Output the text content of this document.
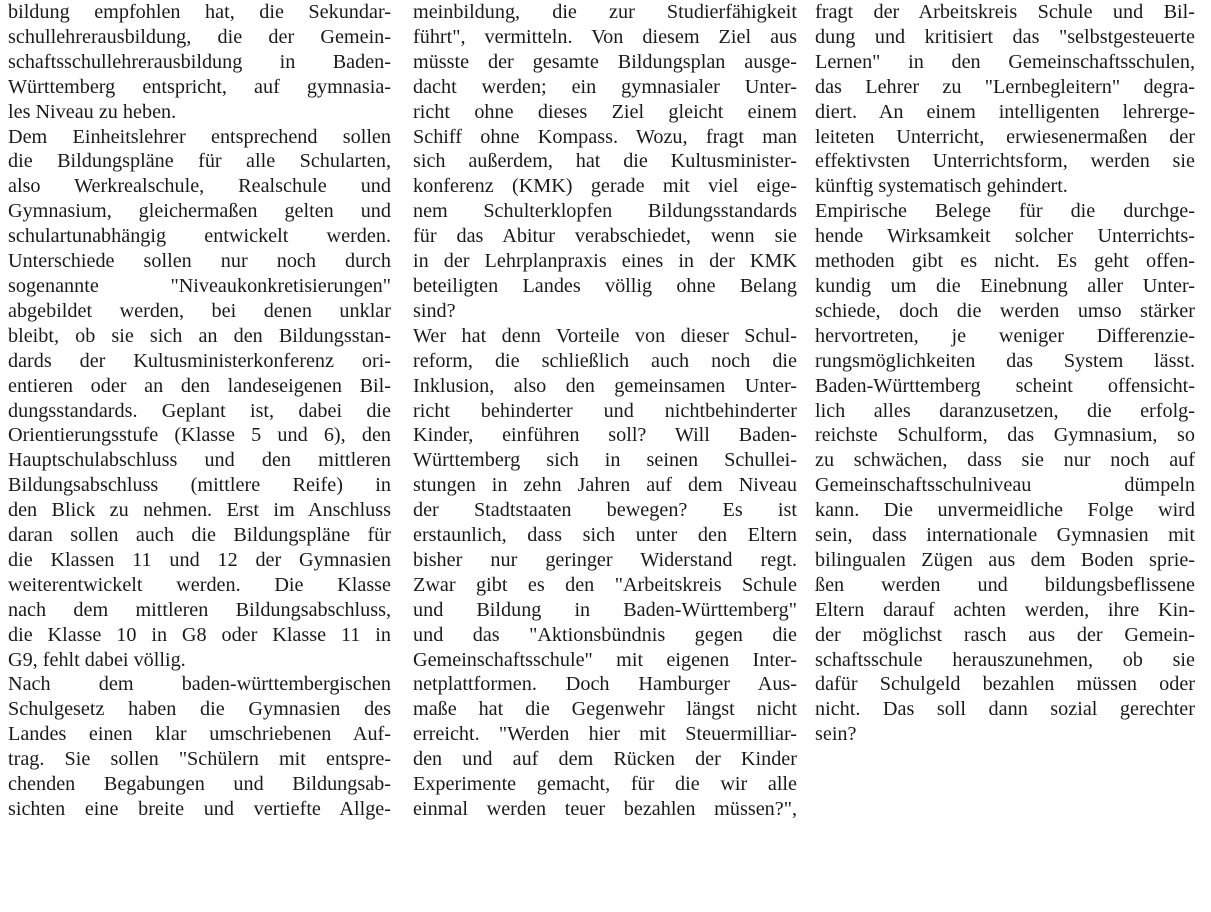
bildung empfohlen hat, die Sekundar-
schullehrerausbildung, die der Gemein-
schaftsschullehrerausbildung in Baden-
Württemberg entspricht, auf gymnasia-
les Niveau zu heben.

Dem Einheitslehrer entsprechend sollen
die Bildungspläne für alle Schularten,
also Werkrealschule, Realschule und
Gymnasium, gleichermaßen gelten und
schulartunabhängig entwickelt werden.
Unterschiede sollen nur noch durch
sogenannte "Niveaukonkretisierungen"
abgebildet werden, bei denen unklar
bleibt, ob sie sich an den Bildungsstan-
dards der Kultusministerkonferenz ori-
entieren oder an den landeseigenen Bil-
dungsstandards. Geplant ist, dabei die
Orientierungsstufe (Klasse 5 und 6), den
Hauptschulabschluss und den mittleren
Bildungsabschluss (mittlere Reife) in
den Blick zu nehmen. Erst im Anschluss
daran sollen auch die Bildungspläne für
die Klassen 11 und 12 der Gymnasien
weiterentwickelt werden. Die Klasse
nach dem mittleren Bildungsabschluss,
die Klasse 10 in G8 oder Klasse 11 in
G9, fehlt dabei völlig.

Nach dem baden-württembergischen
Schulgesetz haben die Gymnasien des
Landes einen klar umschriebenen Auf-
trag. Sie sollen "Schülern mit entspre-
chenden Begabungen und Bildungsab-
sichten eine breite und vertiefte Allge-

meinbildung, die zur Studierfähigkeit
führt", vermitteln. Von diesem Ziel aus
müsste der gesamte Bildungsplan ausge-
dacht werden; ein gymnasialer Unter-
richt ohne dieses Ziel gleicht einem
Schiff ohne Kompass. Wozu, fragt man
sich außerdem, hat die Kultusminister-
konferenz (KMK) gerade mit viel eige-
nem Schulterklopfen Bildungsstandards
für das Abitur verabschiedet, wenn sie
in der Lehrplanpraxis eines in der KMK
beteiligten Landes völlig ohne Belang
sind?

Wer hat denn Vorteile von dieser Schul-
reform, die schließlich auch noch die
Inklusion, also den gemeinsamen Unter-
richt behinderter und nichtbehinderter
Kinder, einführen soll? Will Baden-
Württemberg sich in seinen Schullei-
stungen in zehn Jahren auf dem Niveau
der Stadtstaaten bewegen? Es ist
erstaunlich, dass sich unter den Eltern
bisher nur geringer Widerstand regt.
Zwar gibt es den "Arbeitskreis Schule
und Bildung in Baden-Württemberg"
und das "Aktionsbündnis gegen die
Gemeinschaftsschule" mit eigenen Inter-
netplattformen. Doch Hamburger Aus-
maße hat die Gegenwehr längst nicht
erreicht. "Werden hier mit Steuermilliar-
den und auf dem Rücken der Kinder
Experimente gemacht, für die wir alle
einmal werden teuer bezahlen müssen?",

fragt der Arbeitskreis Schule und Bil-
dung und kritisiert das "selbstgesteuerte
Lernen" in den Gemeinschaftsschulen,
das Lehrer zu "Lernbegleitern" degra-
diert. An einem intelligenten lehrerge-
leiteten Unterricht, erwiesenermaßen der
effektivsten Unterrichtsform, werden sie
künftig systematisch gehindert.

Empirische Belege für die durchge-
hende Wirksamkeit solcher Unterrichts-
methoden gibt es nicht. Es geht offen-
kundig um die Einebnung aller Unter-
schiede, doch die werden umso stärker
hervortreten, je weniger Differenzie-
rungsmöglichkeiten das System lässt.
Baden-Württemberg scheint offensicht-
lich alles daranzusetzen, die erfolg-
reichste Schulform, das Gymnasium, so
zu schwächen, dass sie nur noch auf
Gemeinschaftsschulniveau dümpeln
kann. Die unvermeidliche Folge wird
sein, dass internationale Gymnasien mit
bilingualen Zügen aus dem Boden sprie-
ßen werden und bildungsbeflissene
Eltern darauf achten werden, ihre Kin-
der möglichst rasch aus der Gemein-
schaftsschule herauszunehmen, ob sie
dafür Schulgeld bezahlen müssen oder
nicht. Das soll dann sozial gerechter
sein?
